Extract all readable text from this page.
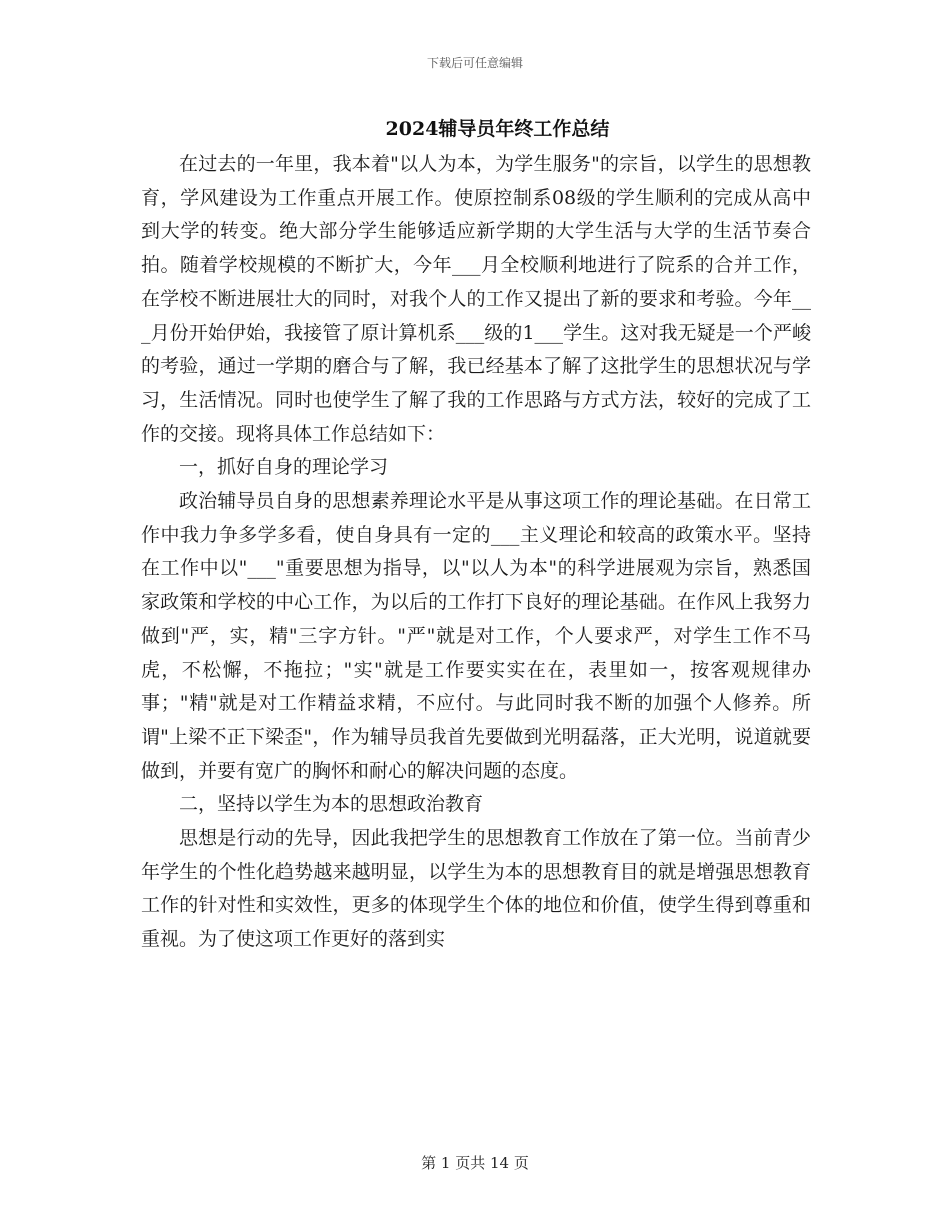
下载后可任意编辑
2024辅导员年终工作总结

在过去的一年里，我本着"以人为本，为学生服务"的宗旨，以学生的思想教育，学风建设为工作重点开展工作。使原控制系08级的学生顺利的完成从高中到大学的转变。绝大部分学生能够适应新学期的大学生活与大学的生活节奏合拍。随着学校规模的不断扩大，今年___月全校顺利地进行了院系的合并工作，在学校不断进展壮大的同时，对我个人的工作又提出了新的要求和考验。今年___月份开始伊始，我接管了原计算机系___级的1___学生。这对我无疑是一个严峻的考验，通过一学期的磨合与了解，我已经基本了解了这批学生的思想状况与学习，生活情况。同时也使学生了解了我的工作思路与方式方法，较好的完成了工作的交接。现将具体工作总结如下：

一，抓好自身的理论学习

政治辅导员自身的思想素养理论水平是从事这项工作的理论基础。在日常工作中我力争多学多看，使自身具有一定的___主义理论和较高的政策水平。坚持在工作中以"___"重要思想为指导，以"以人为本"的科学进展观为宗旨，熟悉国家政策和学校的中心工作，为以后的工作打下良好的理论基础。在作风上我努力做到"严，实，精"三字方针。"严"就是对工作，个人要求严，对学生工作不马虎，不松懈，不拖拉；"实"就是工作要实实在在，表里如一，按客观规律办事；"精"就是对工作精益求精，不应付。与此同时我不断的加强个人修养。所谓"上梁不正下梁歪"，作为辅导员我首先要做到光明磊落，正大光明，说道就要做到，并要有宽广的胸怀和耐心的解决问题的态度。

二，坚持以学生为本的思想政治教育

思想是行动的先导，因此我把学生的思想教育工作放在了第一位。当前青少年学生的个性化趋势越来越明显，以学生为本的思想教育目的就是增强思想教育工作的针对性和实效性，更多的体现学生个体的地位和价值，使学生得到尊重和重视。为了使这项工作更好的落到实

第 1 页共 14 页
